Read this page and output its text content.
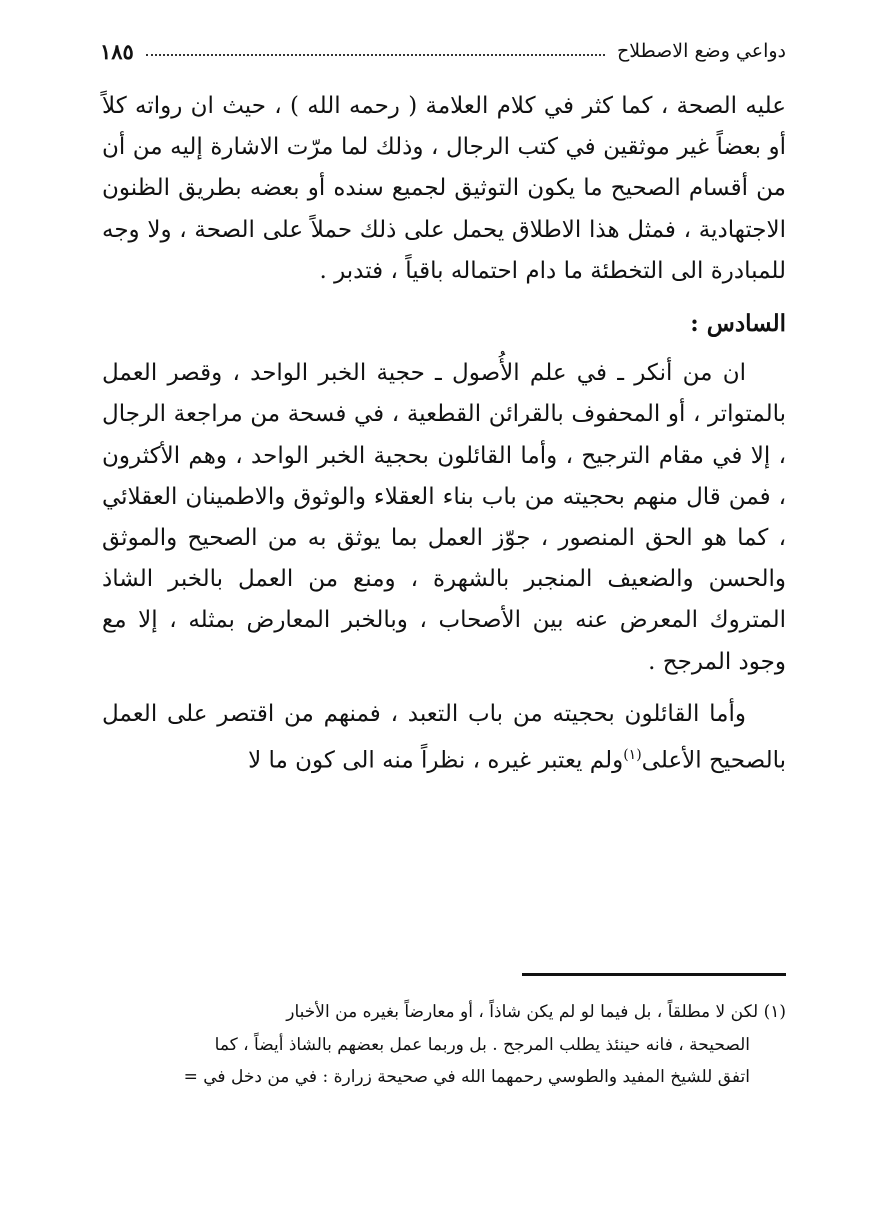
دواعي وضع الاصطلاح
١٨٥

عليه الصحة ، كما كثر في كلام العلامة ( رحمه الله ) ، حيث ان رواته كلاً أو بعضاً غير موثقين في كتب الرجال ، وذلك لما مرّت الاشارة إليه من أن من أقسام الصحيح ما يكون التوثيق لجميع سنده أو بعضه بطريق الظنون الاجتهادية ، فمثل هذا الاطلاق يحمل على ذلك حملاً على الصحة ، ولا وجه للمبادرة الى التخطئة ما دام احتماله باقياً ، فتدبر .

السادس :

ان من أنكر ـ في علم الأُصول ـ حجية الخبر الواحد ، وقصر العمل بالمتواتر ، أو المحفوف بالقرائن القطعية ، في فسحة من مراجعة الرجال ، إلا في مقام الترجيح ، وأما القائلون بحجية الخبر الواحد ، وهم الأكثرون ، فمن قال منهم بحجيته من باب بناء العقلاء والوثوق والاطمينان العقلائي ، كما هو الحق المنصور ، جوّز العمل بما يوثق به من الصحيح والموثق والحسن والضعيف المنجبر بالشهرة ، ومنع من العمل بالخبر الشاذ المتروك المعرض عنه بين الأصحاب ، وبالخبر المعارض بمثله ، إلا مع وجود المرجح .

وأما القائلون بحجيته من باب التعبد ، فمنهم من اقتصر على العمل بالصحيح الأعلى$^{(١)}$ولم يعتبر غيره ، نظراً منه الى كون ما لا

(١) لكن لا مطلقاً ، بل فيما لو لم يكن شاذاً ، أو معارضاً بغيره من الأخبار

الصحيحة ، فانه حينئذ يطلب المرجح . بل وربما عمل بعضهم بالشاذ أيضاً ، كما

اتفق للشيخ المفيد والطوسي رحمهما الله في صحيحة زرارة : في من دخل في =
